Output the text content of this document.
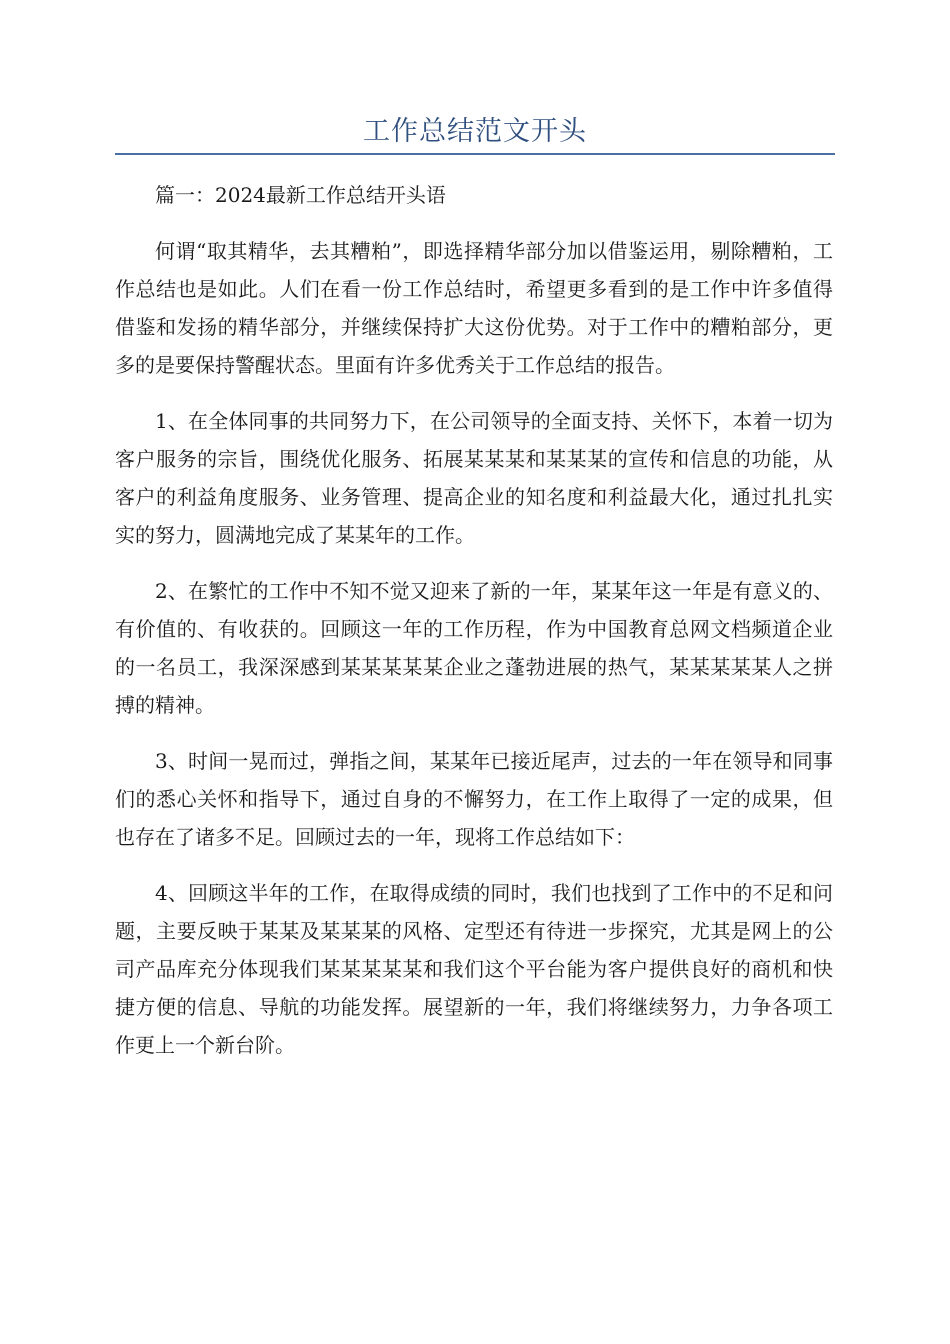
工作总结范文开头

篇一：2024最新工作总结开头语

何谓“取其精华，去其糟粕”，即选择精华部分加以借鉴运用，剔除糟粕，工作总结也是如此。人们在看一份工作总结时，希望更多看到的是工作中许多值得借鉴和发扬的精华部分，并继续保持扩大这份优势。对于工作中的糟粕部分，更多的是要保持警醒状态。里面有许多优秀关于工作总结的报告。

1、在全体同事的共同努力下，在公司领导的全面支持、关怀下，本着一切为客户服务的宗旨，围绕优化服务、拓展某某某和某某某的宣传和信息的功能，从客户的利益角度服务、业务管理、提高企业的知名度和利益最大化，通过扎扎实实的努力，圆满地完成了某某年的工作。

2、在繁忙的工作中不知不觉又迎来了新的一年，某某年这一年是有意义的、有价值的、有收获的。回顾这一年的工作历程，作为中国教育总网文档频道企业的一名员工，我深深感到某某某某某企业之蓬勃进展的热气，某某某某某人之拼搏的精神。

3、时间一晃而过，弹指之间，某某年已接近尾声，过去的一年在领导和同事们的悉心关怀和指导下，通过自身的不懈努力，在工作上取得了一定的成果，但也存在了诸多不足。回顾过去的一年，现将工作总结如下：

4、回顾这半年的工作，在取得成绩的同时，我们也找到了工作中的不足和问题，主要反映于某某及某某某的风格、定型还有待进一步探究，尤其是网上的公司产品库充分体现我们某某某某某和我们这个平台能为客户提供良好的商机和快捷方便的信息、导航的功能发挥。展望新的一年，我们将继续努力，力争各项工作更上一个新台阶。
